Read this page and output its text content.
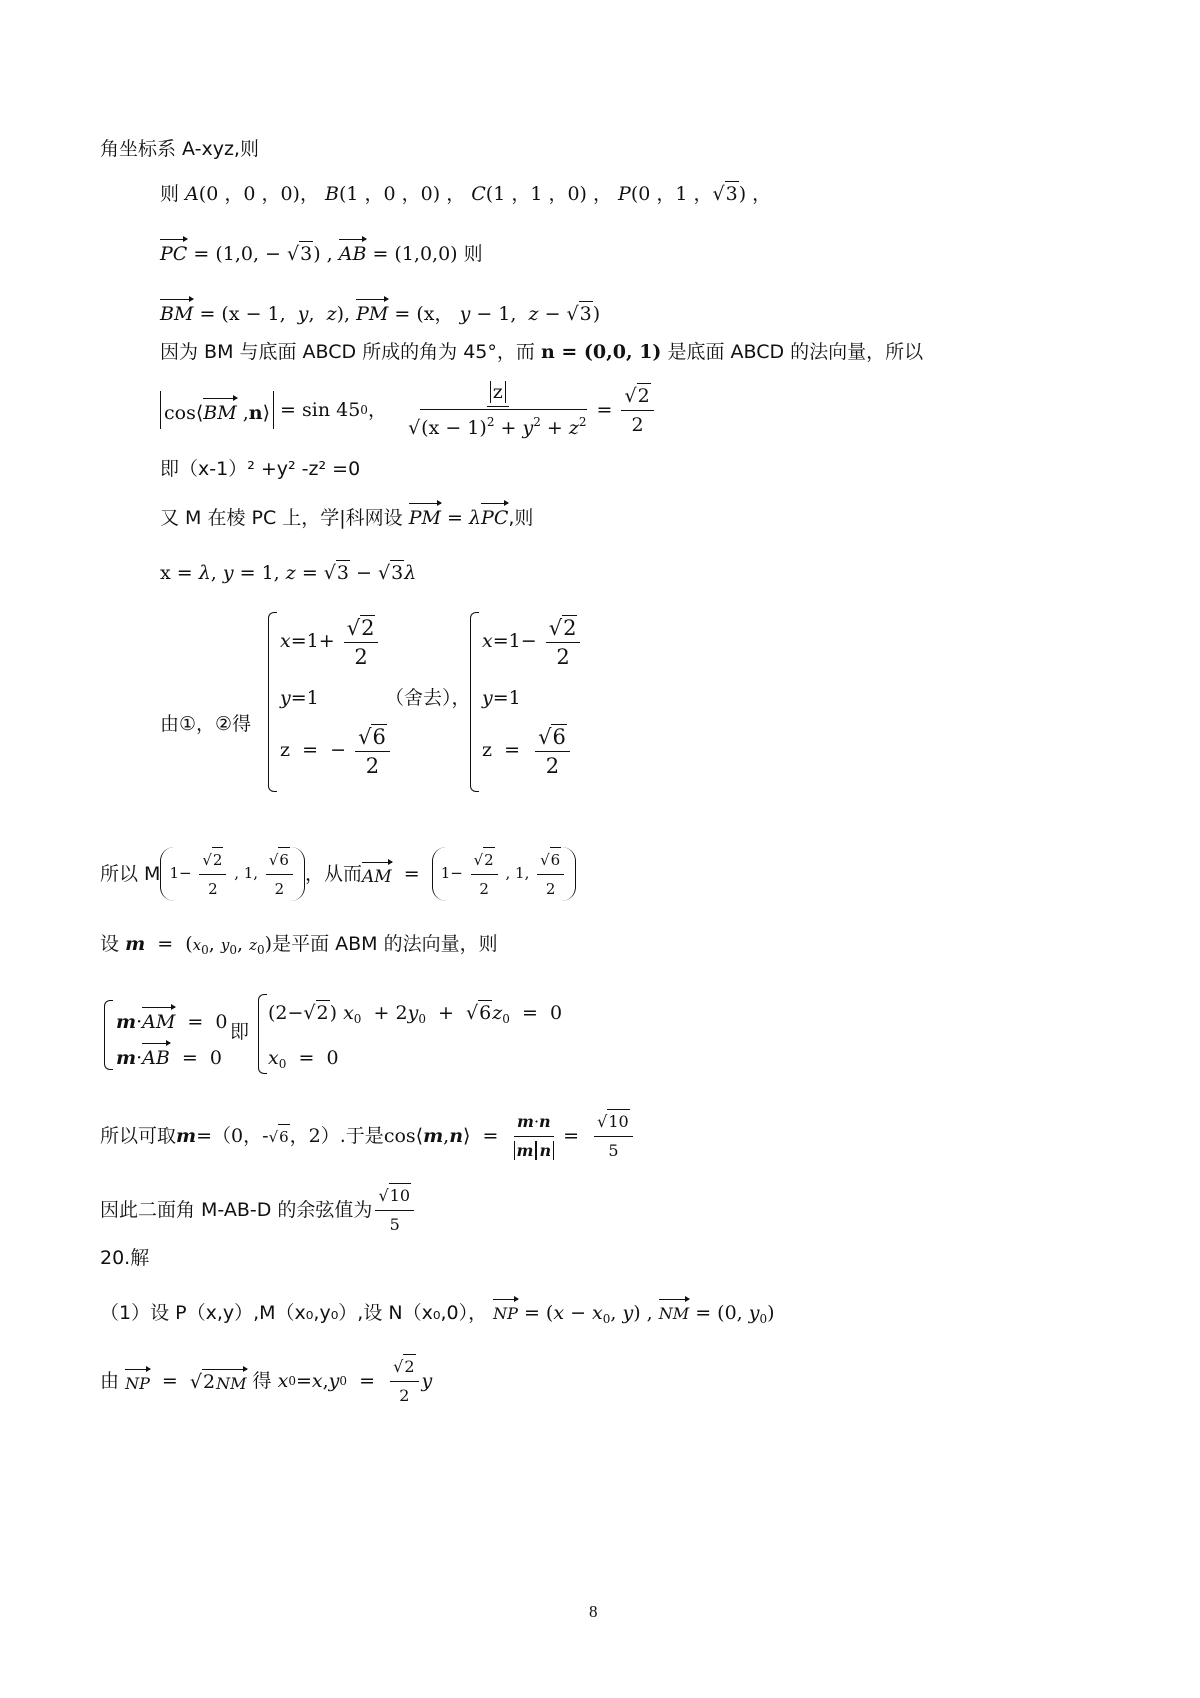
角坐标系 A-xyz,则
则 A(0 ，0 ，0)， B(1 ，0 ，0) ， C(1 ，1 ，0) ， P(0 ，1 ，√3) ，
PC = (1,0, − √3) , AB = (1,0,0) 则
BM = (x − 1,  y,  z), PM = (x， y − 1,  z − √3)
因为 BM 与底面 ABCD 所成的角为 45°，而 n = (0,0, 1) 是底面 ABCD 的法向量，所以
cos⟨BM ,n⟩ = sin 45 0 ， $\frac{z}{√(x - 1)^2 + y^2 + z^2} = \frac{√2}{2}$
即（x-1）² +y² -z² =0
又 M 在棱 PC 上，学|科网设 PM = λPC,则
x = λ, y = 1, z = √3 − √3λ
由①，②得
$x=1+ \frac{√2}{2}$
y=1
z  =  − $\frac{√6}{2}$
（舍去），
$x=1- \frac{√2}{2}$
y=1
$z = \frac{√6}{2}$
所以 M $1- \frac{√2}{2}$ , 1, $\frac{√6}{2}$ ，从而 AM = $1- \frac{√2}{2}$ , 1, $\frac{√6}{2}$
设 $m = (x_0$, $y_0$, $z_0$)是平面 ABM 的法向量，则
m·AM  =  0
m·AB  =  0
即
(2−√2) $x_0 + 2y_0 + √6z_0 = 0$
$x_0 = 0$
所以可取 m =（0，- √6 ，2） .于是 cos⟨ m , n ⟩  = $\frac{m\cdot n}{\text{m n}} = \frac{√10}{5}$
因此二面角 M-AB-D 的余弦值为 $\frac{√10}{5}$
20.解
（1）设 P（x,y）,M（x₀,y₀）,设 N（x₀,0）， NP = ($x - x_0$, y) , NM = (0, $y_0$)
由
NP = √2 NM
得
x 0 = x , y $0 = \frac{√2}{2}$ y
8
